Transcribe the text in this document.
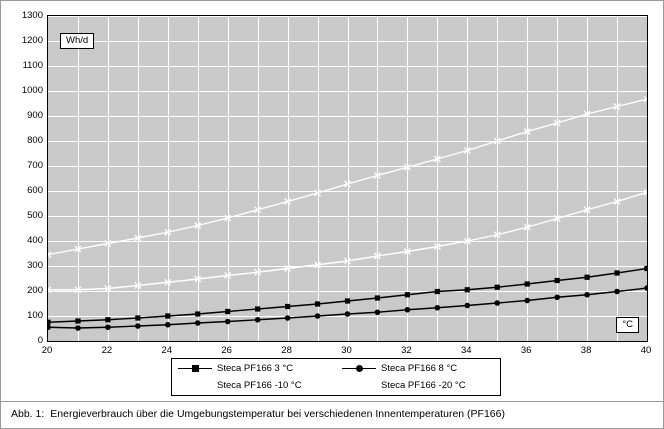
0
100
200
300
400
500
600
700
800
900
1000
1100
1200
1300
Wh/d
°C
20	22	24	26	28	30	32	34	36	38	40
Steca PF166 3 °C	Steca PF166 8 °C
Steca PF166 -10 °C	Steca PF166 -20 °C
Abb. 1: Energieverbrauch über die Umgebungstemperatur bei verschiedenen Innentemperaturen (PF166)
